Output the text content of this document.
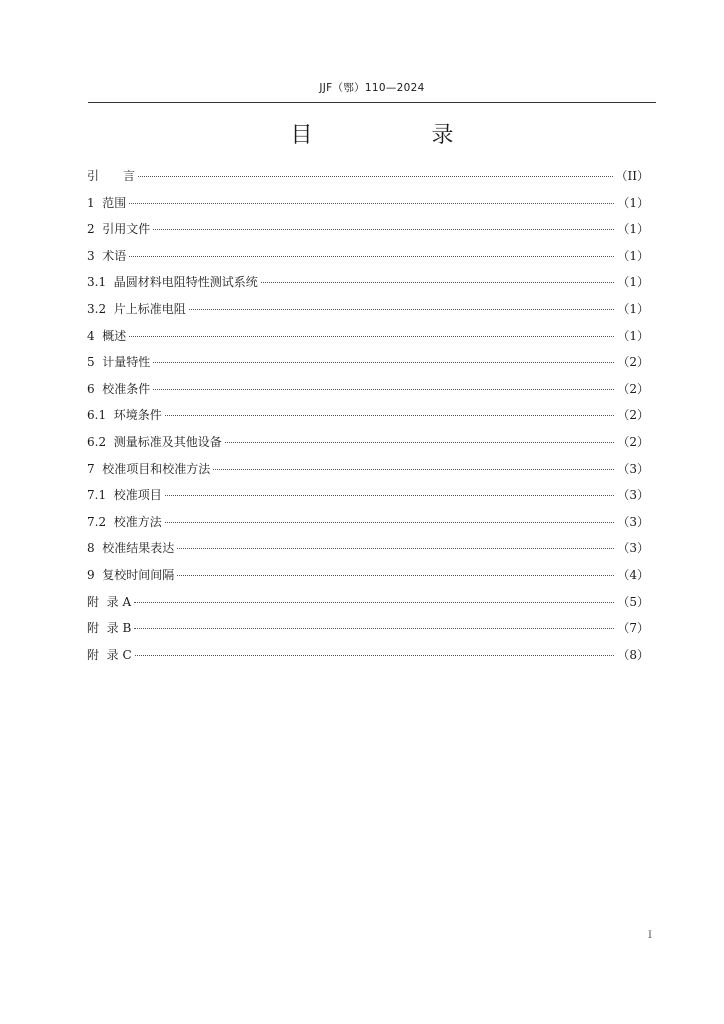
JJF（鄂）110—2024
目 录
引　　言	（II）
1  范围	（1）
2  引用文件	（1）
3  术语	（1）
3.1  晶圆材料电阻特性测试系统	（1）
3.2  片上标准电阻	（1）
4  概述	（1）
5  计量特性	（2）
6  校准条件	（2）
6.1  环境条件	（2）
6.2  测量标准及其他设备	（2）
7  校准项目和校准方法	（3）
7.1  校准项目	（3）
7.2  校准方法	（3）
8  校准结果表达	（3）
9  复校时间间隔	（4）
附  录 A	（5）
附  录 B	（7）
附  录 C	（8）
I
